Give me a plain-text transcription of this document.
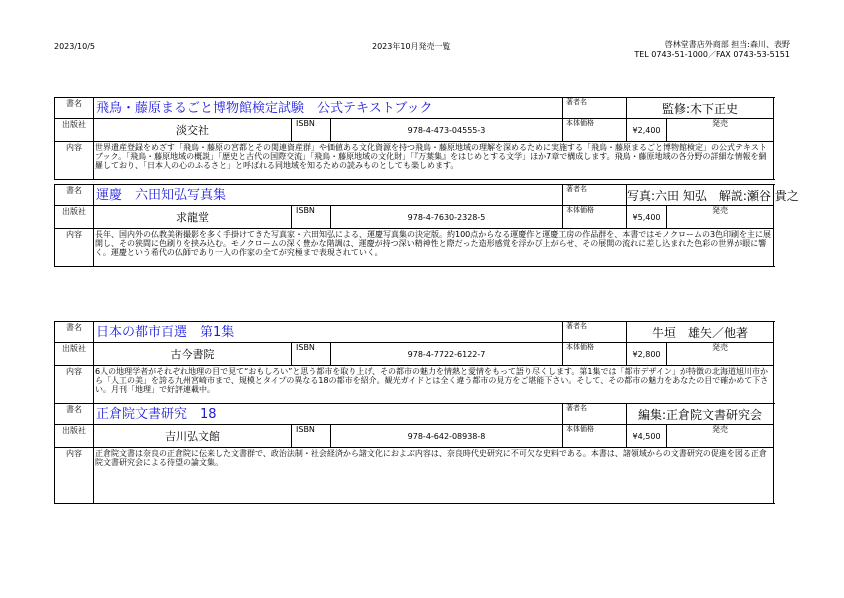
2023/10/5	2023年10月発売一覧	啓林堂書店外商部 担当:森川、表野
TEL 0743-51-1000／FAX 0743-53-5151
書名	飛鳥・藤原まるごと博物館検定試験　公式テキストブック			著者名	監修:木下正史		
出版社	淡交社	ISBN	978-4-473-04555-3	本体価格	¥2,400	発売	
内容	世界遺産登録をめざす「飛鳥・藤原の宮都とその関連資産群」や価値ある文化資源を持つ飛鳥・藤原地域の理解を深めるために実施する「飛鳥・藤原まるごと博物館検定」の公式テキストブック。「飛鳥・藤原地域の概説」「歴史と古代の国際交流」「飛鳥・藤原地域の文化財」「『万葉集』をはじめとする文学」ほか7章で構成します。飛鳥・藤原地域の各分野の詳細な情報を網羅しており、「日本人の心のふるさと」と呼ばれる同地域を知るための読みものとしても楽しめます。						
書名	運慶　六田知弘写真集			著者名	写真:六田 知弘　解説:瀬谷 貴之		
出版社	求龍堂	ISBN	978-4-7630-2328-5	本体価格	¥5,400	発売	
内容	長年、国内外の仏教美術撮影を多く手掛けてきた写真家・六田知弘による、運慶写真集の決定版。約100点からなる運慶作と運慶工房の作品群を、本書ではモノクロームの3色印刷を主に展開し、その狭間に色刷りを挟み込む。モノクロームの深く豊かな階調は、運慶が持つ深い精神性と際だった造形感覚を浮かび上がらせ、その展開の流れに差し込まれた色彩の世界が眼に響く。運慶という希代の仏師であり一人の作家の全てが究極まで表現されていく。						
書名	日本の都市百選　第1集			著者名	牛垣　雄矢／他著		
出版社	古今書院	ISBN	978-4-7722-6122-7	本体価格	¥2,800	発売	
内容	6人の地理学者がそれぞれ地理の目で見て“おもしろい”と思う都市を取り上げ、その都市の魅力を情熱と愛情をもって語り尽くします。第1集では「都市デザイン」が特徴の北海道旭川市から「人工の美」を誇る九州宮崎市まで、規模とタイプの異なる18の都市を紹介。観光ガイドとは全く違う都市の見方をご堪能下さい。そして、その都市の魅力をあなたの目で確かめて下さい。月刊「地理」で好評連載中。						
書名	正倉院文書研究　18			著者名	編集:正倉院文書研究会		
出版社	吉川弘文館	ISBN	978-4-642-08938-8	本体価格	¥4,500	発売	
内容	正倉院文書は奈良の正倉院に伝来した文書群で、政治法制・社会経済から諸文化におよぶ内容は、奈良時代史研究に不可欠な史料である。本書は、諸領域からの文書研究の促進を図る正倉院文書研究会による待望の論文集。						
